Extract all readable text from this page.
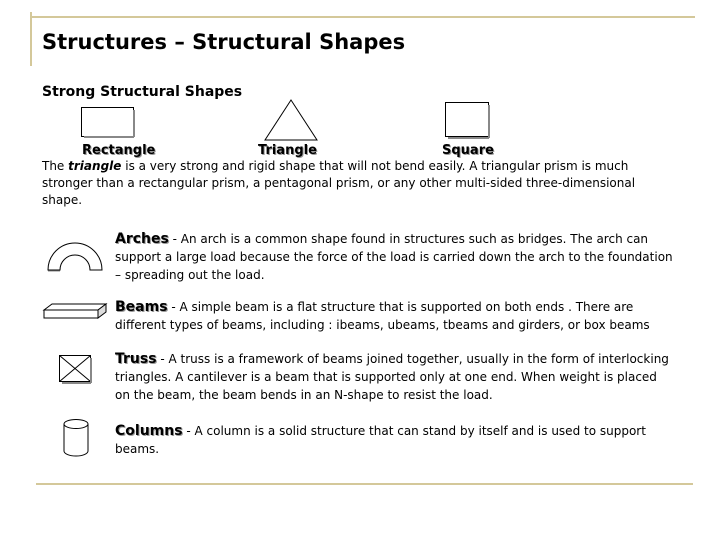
Structures – Structural Shapes
Strong Structural Shapes
Rectangle	Triangle	Square
The triangle is a very strong and rigid shape that will not bend easily. A triangular prism is much stronger than a rectangular prism, a pentagonal prism, or any other multi-sided three-dimensional shape.
Arches - An arch is a common shape found in structures such as bridges. The arch can support a large load because the force of the load is carried down the arch to the foundation – spreading out the load.
Beams - A simple beam is a flat structure that is supported on both ends . There are different types of beams, including : ibeams, ubeams, tbeams and girders, or box beams
Truss - A truss is a framework of beams joined together, usually in the form of interlocking triangles. A cantilever is a beam that is supported only at one end. When weight is placed on the beam, the beam bends in an N-shape to resist the load.
Columns - A column is a solid structure that can stand by itself and is used to support beams.
